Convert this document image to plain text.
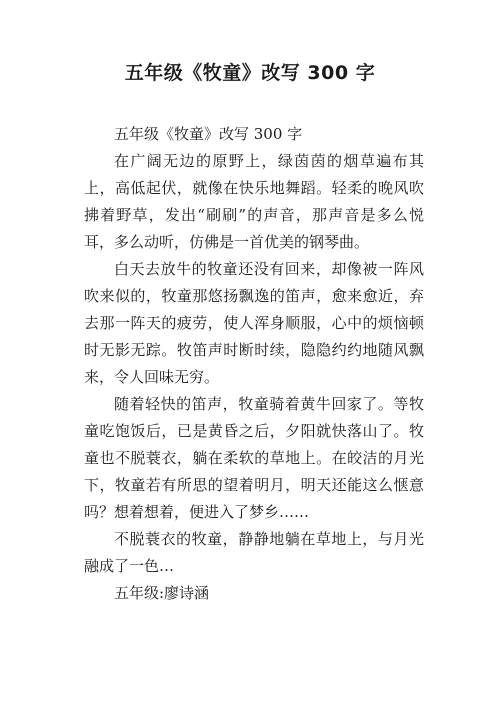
五年级《牧童》改写 300 字

五年级《牧童》改写 300 字

在广阔无边的原野上，绿茵茵的烟草遍布其上，高低起伏，就像在快乐地舞蹈。轻柔的晚风吹拂着野草，发出“刷刷”的声音，那声音是多么悦耳，多么动听，仿佛是一首优美的钢琴曲。

白天去放牛的牧童还没有回来，却像被一阵风吹来似的，牧童那悠扬飘逸的笛声，愈来愈近，弃去那一阵天的疲劳，使人浑身顺服，心中的烦恼顿时无影无踪。牧笛声时断时续，隐隐约约地随风飘来，令人回味无穷。

随着轻快的笛声，牧童骑着黄牛回家了。等牧童吃饱饭后，已是黄昏之后，夕阳就快落山了。牧童也不脱蓑衣，躺在柔软的草地上。在皎洁的月光下，牧童若有所思的望着明月，明天还能这么惬意吗？想着想着，便进入了梦乡……

不脱蓑衣的牧童，静静地躺在草地上，与月光融成了一色…

五年级:廖诗涵
